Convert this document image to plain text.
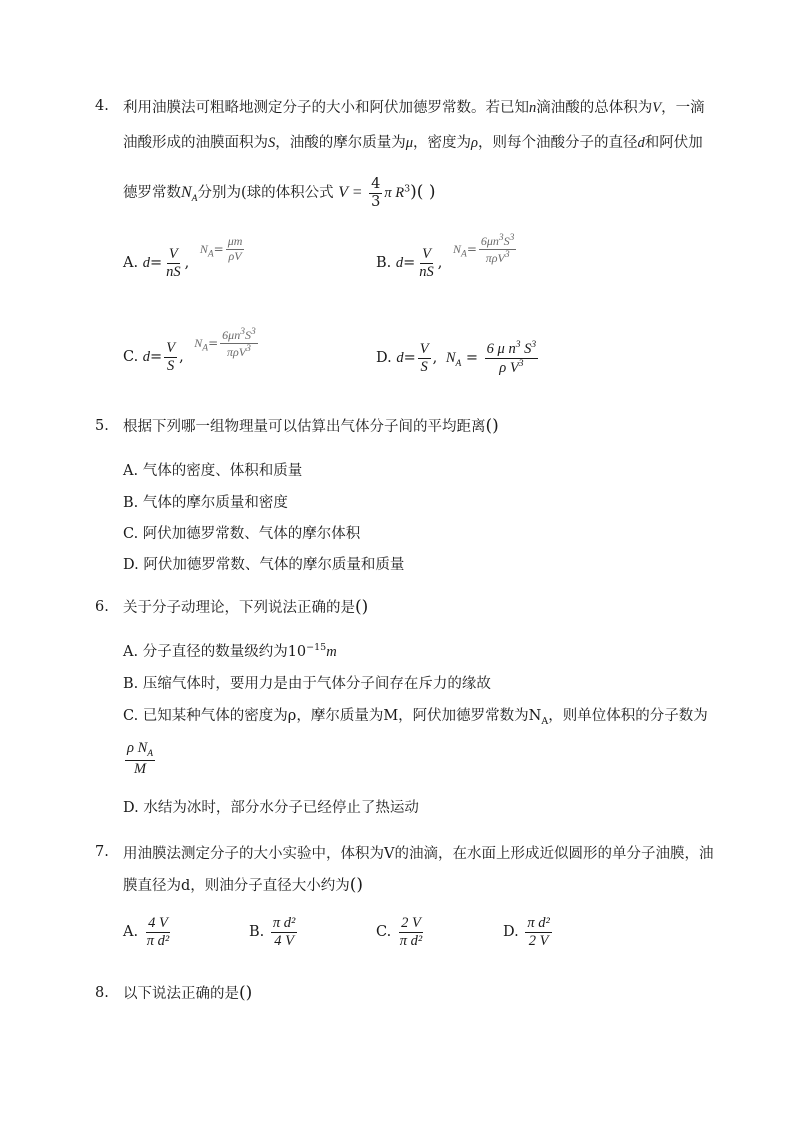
4. 利用油膜法可粗略地测定分子的大小和阿伏加德罗常数。若已知n滴油酸的总体积为V，一滴
油酸形成的油膜面积为S，油酸的摩尔质量为μ，密度为ρ，则每个油酸分子的直径d和阿伏加
德罗常数$N_A$分别为(球的体积公式 $V = \frac{4}{3}$ π $R^3$)( )
A. $d= \frac{V}{nS}$ , $^{N_A= \frac{\mu m}{\rho V}}$	B. $d= \frac{V}{nS}$ , $^{N_A= \frac{6\mu n^3S^3}{\pi\rho V^3}}$
C. $d= \frac{V}{S}$ , $^{N_A= \frac{6\mu n^3S^3}{\pi\rho V^3}}$	D. $d= \frac{V}{S}$ , $N_A = \frac{6 \mu n^3 S^3}{\rho V^3}$
5. 根据下列哪一组物理量可以估算出气体分子间的平均距离()
A. 气体的密度、体积和质量
B. 气体的摩尔质量和密度
C. 阿伏加德罗常数、气体的摩尔体积
D. 阿伏加德罗常数、气体的摩尔质量和质量
6. 关于分子动理论，下列说法正确的是()
A. 分子直径的数量级约为$10^{-15}m$
B. 压缩气体时，要用力是由于气体分子间存在斥力的缘故
C. 已知某种气体的密度为ρ，摩尔质量为M，阿伏加德罗常数为$N_A$，则单位体积的分子数为
$\frac{\rho N_A}{M}$
D. 水结为冰时，部分水分子已经停止了热运动
7. 用油膜法测定分子的大小实验中，体积为V的油滴，在水面上形成近似圆形的单分子油膜，油
膜直径为d，则油分子直径大小约为()
A. $\frac{4 V}{\text{π d²}}$	B. $\frac{\text{π d²}}{4 V}$	C. $\frac{2 V}{\text{π d²}}$	D. $\frac{\text{π d²}}{2 V}$
8. 以下说法正确的是()
